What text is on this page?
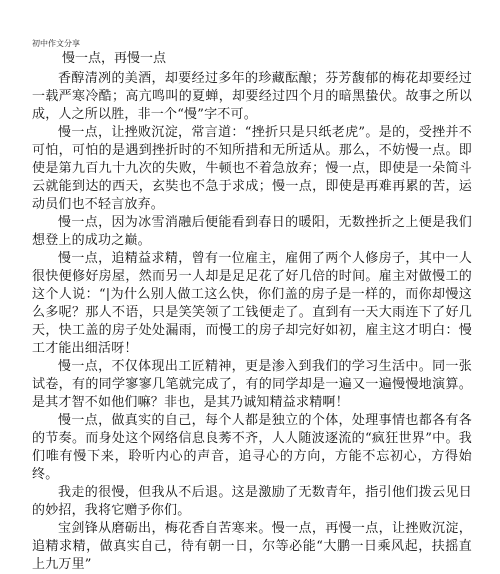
初中作文分享
慢一点，再慢一点

香醇清冽的美酒，却要经过多年的珍藏酝酿；芬芳馥郁的梅花却要经过一载严寒冷酷；高亢鸣叫的夏蝉，却要经过四个月的暗黑蛰伏。故事之所以成，人之所以胜，非一个“慢”字不可。

慢一点，让挫败沉淀，常言道：“挫折只是只纸老虎”。是的，受挫并不可怕，可怕的是遇到挫折时的不知所措和无所适从。那么，不妨慢一点。即使是第九百九十九次的失败，牛顿也不着急放弃；慢一点，即使是一朵简斗云就能到达的西天，玄奘也不急于求成；慢一点，即使是再难再累的苦，运动员们也不轻言放弃。

慢一点，因为冰雪消融后便能看到春日的暖阳，无数挫折之上便是我们想登上的成功之巅。

慢一点，追精益求精，曾有一位雇主，雇佣了两个人修房子，其中一人很快便修好房屋，然而另一人却是足足花了好几倍的时间。雇主对做慢工的这个人说：“|为什么别人做工这么快，你们盖的房子是一样的，而你却慢这么多呢？那人不语，只是笑笑领了工钱便走了。直到有一天大雨连下了好几天，快工盖的房子处处漏雨，而慢工的房子却完好如初，雇主这才明白：慢工才能出细活呀！

慢一点，不仅体现出工匠精神，更是渗入到我们的学习生活中。同一张试卷，有的同学寥寥几笔就完成了，有的同学却是一遍又一遍慢慢地演算。是其才智不如他们嘛？非也，是其乃诚知精益求精啊！

慢一点，做真实的自己，每个人都是独立的个体，处理事情也都各有各的节奏。而身处这个网络信息良莠不齐，人人随波逐流的“疯狂世界”中。我们唯有慢下来，聆听内心的声音，追寻心的方向，方能不忘初心，方得始终。

我走的很慢，但我从不后退。这是激励了无数青年，指引他们拨云见日的妙招，我将它赠予你们。

宝剑锋从磨砺出，梅花香自苦寒来。慢一点，再慢一点，让挫败沉淀，追精求精，做真实自己，待有朝一日，尔等必能“大鹏一日乘风起，扶摇直上九万里”
